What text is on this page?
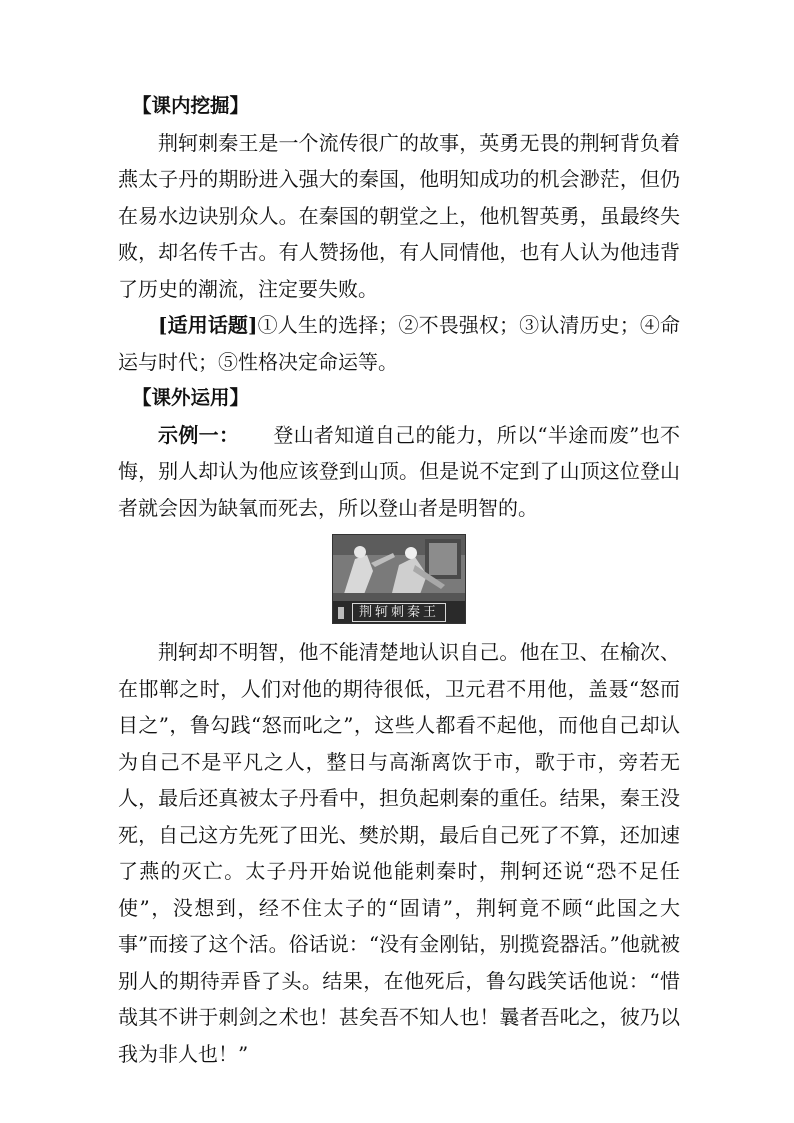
【课内挖掘】

荆轲刺秦王是一个流传很广的故事，英勇无畏的荆轲背负着燕太子丹的期盼进入强大的秦国，他明知成功的机会渺茫，但仍在易水边诀别众人。在秦国的朝堂之上，他机智英勇，虽最终失败，却名传千古。有人赞扬他，有人同情他，也有人认为他违背了历史的潮流，注定要失败。

[适用话题]①人生的选择；②不畏强权；③认清历史；④命运与时代；⑤性格决定命运等。

【课外运用】

示例一： 登山者知道自己的能力，所以“半途而废”也不悔，别人却认为他应该登到山顶。但是说不定到了山顶这位登山者就会因为缺氧而死去，所以登山者是明智的。

荆轲刺秦王

荆轲却不明智，他不能清楚地认识自己。他在卫、在榆次、在邯郸之时，人们对他的期待很低，卫元君不用他，盖聂“怒而目之”，鲁勾践“怒而叱之”，这些人都看不起他，而他自己却认为自己不是平凡之人，整日与高渐离饮于市，歌于市，旁若无人，最后还真被太子丹看中，担负起刺秦的重任。结果，秦王没死，自己这方先死了田光、樊於期，最后自己死了不算，还加速了燕的灭亡。太子丹开始说他能刺秦时，荆轲还说“恐不足任使”，没想到，经不住太子的“固请”，荆轲竟不顾“此国之大事”而接了这个活。俗话说：“没有金刚钻，别揽瓷器活。”他就被别人的期待弄昏了头。结果，在他死后，鲁勾践笑话他说：“惜哉其不讲于刺剑之术也！甚矣吾不知人也！曩者吾叱之，彼乃以我为非人也！”
